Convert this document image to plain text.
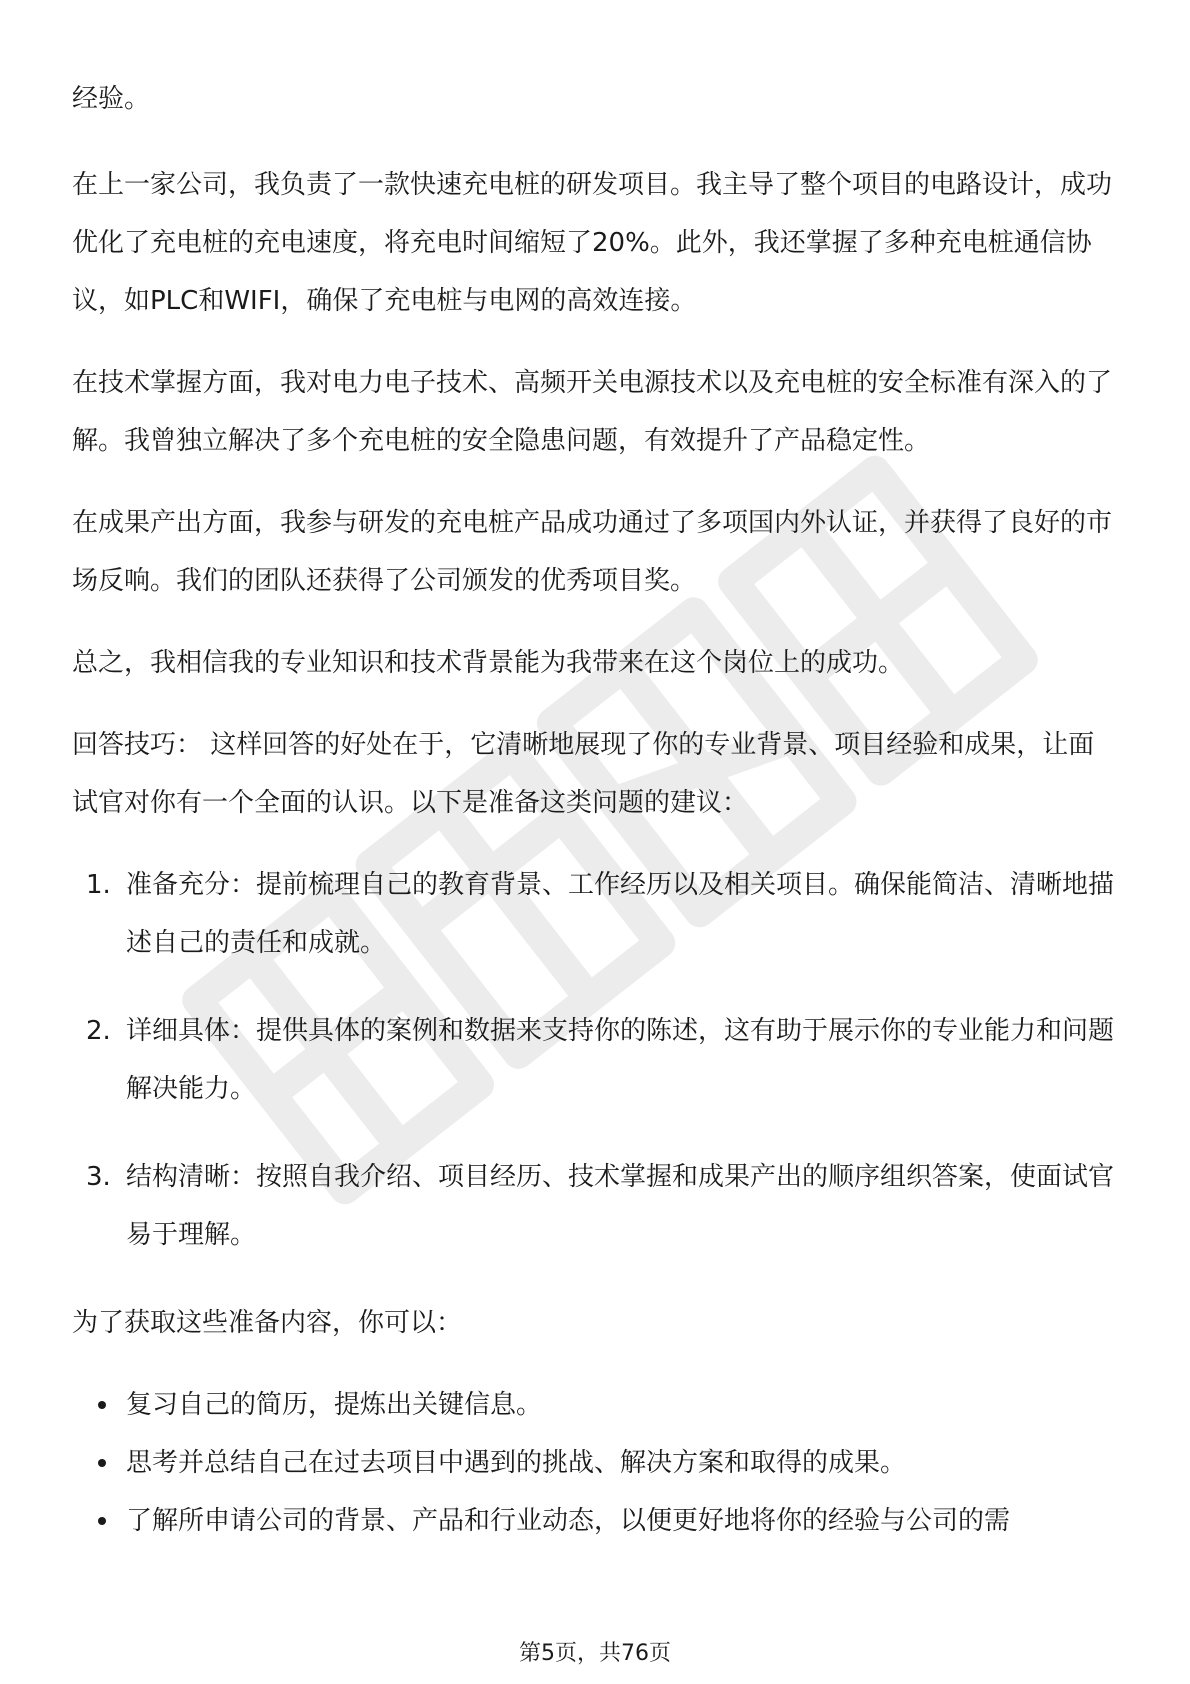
经验。

在上一家公司，我负责了一款快速充电桩的研发项目。我主导了整个项目的电路设计，成功优化了充电桩的充电速度，将充电时间缩短了20%。此外，我还掌握了多种充电桩通信协议，如PLC和WIFI，确保了充电桩与电网的高效连接。

在技术掌握方面，我对电力电子技术、高频开关电源技术以及充电桩的安全标准有深入的了解。我曾独立解决了多个充电桩的安全隐患问题，有效提升了产品稳定性。

在成果产出方面，我参与研发的充电桩产品成功通过了多项国内外认证，并获得了良好的市场反响。我们的团队还获得了公司颁发的优秀项目奖。

总之，我相信我的专业知识和技术背景能为我带来在这个岗位上的成功。

回答技巧： 这样回答的好处在于，它清晰地展现了你的专业背景、项目经验和成果，让面试官对你有一个全面的认识。以下是准备这类问题的建议：

1. 准备充分：提前梳理自己的教育背景、工作经历以及相关项目。确保能简洁、清晰地描述自己的责任和成就。
2. 详细具体：提供具体的案例和数据来支持你的陈述，这有助于展示你的专业能力和问题解决能力。
3. 结构清晰：按照自我介绍、项目经历、技术掌握和成果产出的顺序组织答案，使面试官易于理解。

为了获取这些准备内容，你可以：

复习自己的简历，提炼出关键信息。
思考并总结自己在过去项目中遇到的挑战、解决方案和取得的成果。
了解所申请公司的背景、产品和行业动态，以便更好地将你的经验与公司的需
第5页，共76页
